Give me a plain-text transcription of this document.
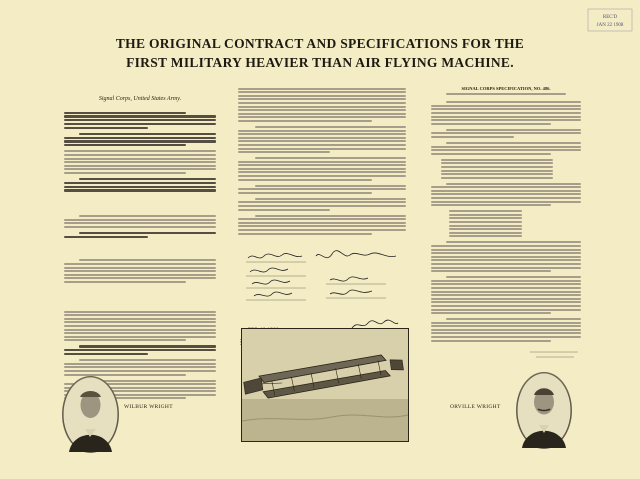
REC'D
JAN 22 1908
THE ORIGINAL CONTRACT AND SPECIFICATIONS FOR THE
FIRST MILITARY HEAVIER THAN AIR FLYING MACHINE.
Signal Corps, United States Army.
SIGNAL CORPS SPECIFICATION, NO. 486.
WILBUR WRIGHT	ORVILLE WRIGHT
